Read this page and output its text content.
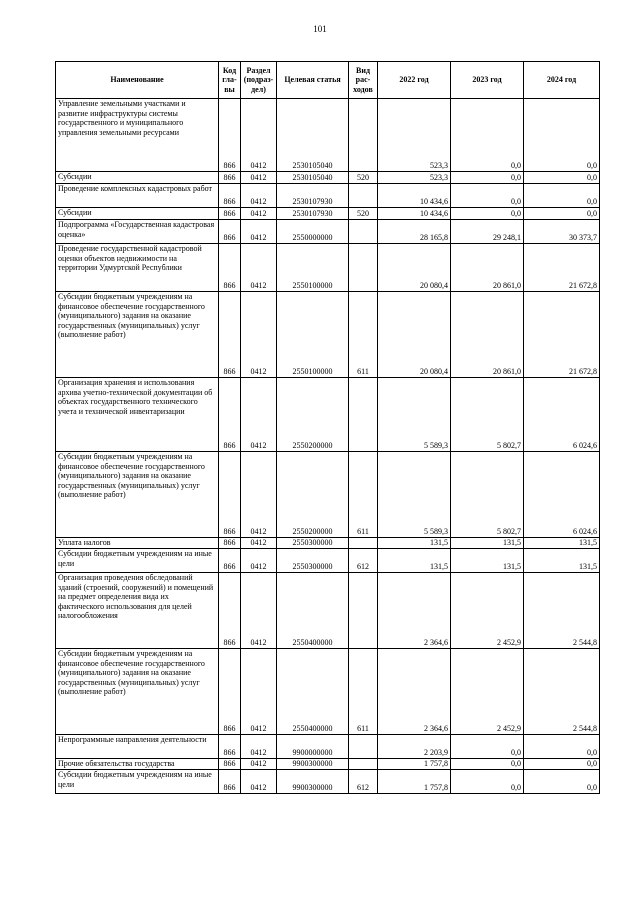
101
Наименование	Код гла- вы	Раздел (подраз- дел)	Целевая статья	Вид рас- ходов	2022 год	2023 год	2024 год
Управление земельными участками и развитие инфраструктуры системы государственного и муниципального управления земельными ресурсами	866	0412	2530105040		523,3	0,0	0,0
Субсидии	866	0412	2530105040	520	523,3	0,0	0,0
Проведение комплексных кадастровых работ	866	0412	2530107930		10 434,6	0,0	0,0
Субсидии	866	0412	2530107930	520	10 434,6	0,0	0,0
Подпрограмма «Государственная кадастровая оценка»	866	0412	2550000000		28 165,8	29 248,1	30 373,7
Проведение государственной кадастровой оценки объектов недвижимости на территории Удмуртской Республики	866	0412	2550100000		20 080,4	20 861,0	21 672,8
Субсидии бюджетным учреждениям на финансовое обеспечение государственного (муниципального) задания на оказание государственных (муниципальных) услуг (выполнение работ)	866	0412	2550100000	611	20 080,4	20 861,0	21 672,8
Организация хранения и использования архива учетно-технической документации об объектах государственного технического учета и технической инвентаризации	866	0412	2550200000		5 589,3	5 802,7	6 024,6
Субсидии бюджетным учреждениям на финансовое обеспечение государственного (муниципального) задания на оказание государственных (муниципальных) услуг (выполнение работ)	866	0412	2550200000	611	5 589,3	5 802,7	6 024,6
Уплата налогов	866	0412	2550300000		131,5	131,5	131,5
Субсидии бюджетным учреждениям на иные цели	866	0412	2550300000	612	131,5	131,5	131,5
Организация проведения обследований зданий (строений, сооружений) и помещений на предмет определения вида их фактического использования для целей налогообложения	866	0412	2550400000		2 364,6	2 452,9	2 544,8
Субсидии бюджетным учреждениям на финансовое обеспечение государственного (муниципального) задания на оказание государственных (муниципальных) услуг (выполнение работ)	866	0412	2550400000	611	2 364,6	2 452,9	2 544,8
Непрограммные направления деятельности	866	0412	9900000000		2 203,9	0,0	0,0
Прочие обязательства государства	866	0412	9900300000		1 757,8	0,0	0,0
Субсидии бюджетным учреждениям на иные цели	866	0412	9900300000	612	1 757,8	0,0	0,0
